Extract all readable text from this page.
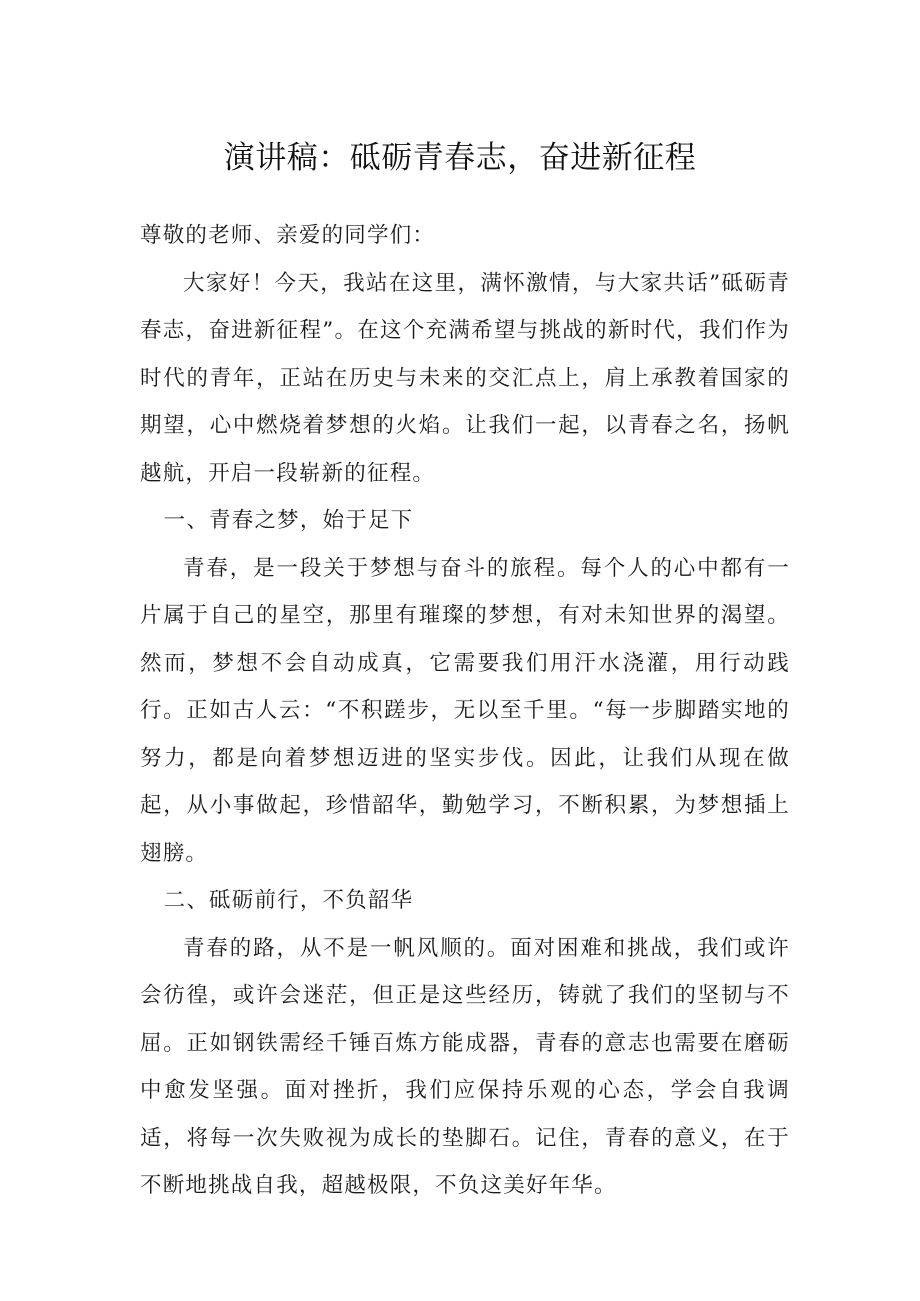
演讲稿：砥砺青春志，奋进新征程

尊敬的老师、亲爱的同学们：

大家好！今天，我站在这里，满怀激情，与大家共话”砥砺青春志，奋进新征程”。在这个充满希望与挑战的新时代，我们作为时代的青年，正站在历史与未来的交汇点上，肩上承教着国家的期望，心中燃烧着梦想的火焰。让我们一起，以青春之名，扬帆越航，开启一段崭新的征程。

一、青春之梦，始于足下

青春，是一段关于梦想与奋斗的旅程。每个人的心中都有一片属于自己的星空，那里有璀璨的梦想，有对未知世界的渴望。然而，梦想不会自动成真，它需要我们用汗水浇灌，用行动践行。正如古人云：“不积蹉步，无以至千里。“每一步脚踏实地的努力，都是向着梦想迈进的坚实步伐。因此，让我们从现在做起，从小事做起，珍惜韶华，勤勉学习，不断积累，为梦想插上翅膀。

二、砥砺前行，不负韶华

青春的路，从不是一帆风顺的。面对困难和挑战，我们或许会彷徨，或许会迷茫，但正是这些经历，铸就了我们的坚韧与不屈。正如钢铁需经千锤百炼方能成器，青春的意志也需要在磨砺中愈发坚强。面对挫折，我们应保持乐观的心态，学会自我调适，将每一次失败视为成长的垫脚石。记住，青春的意义，在于不断地挑战自我，超越极限，不负这美好年华。
